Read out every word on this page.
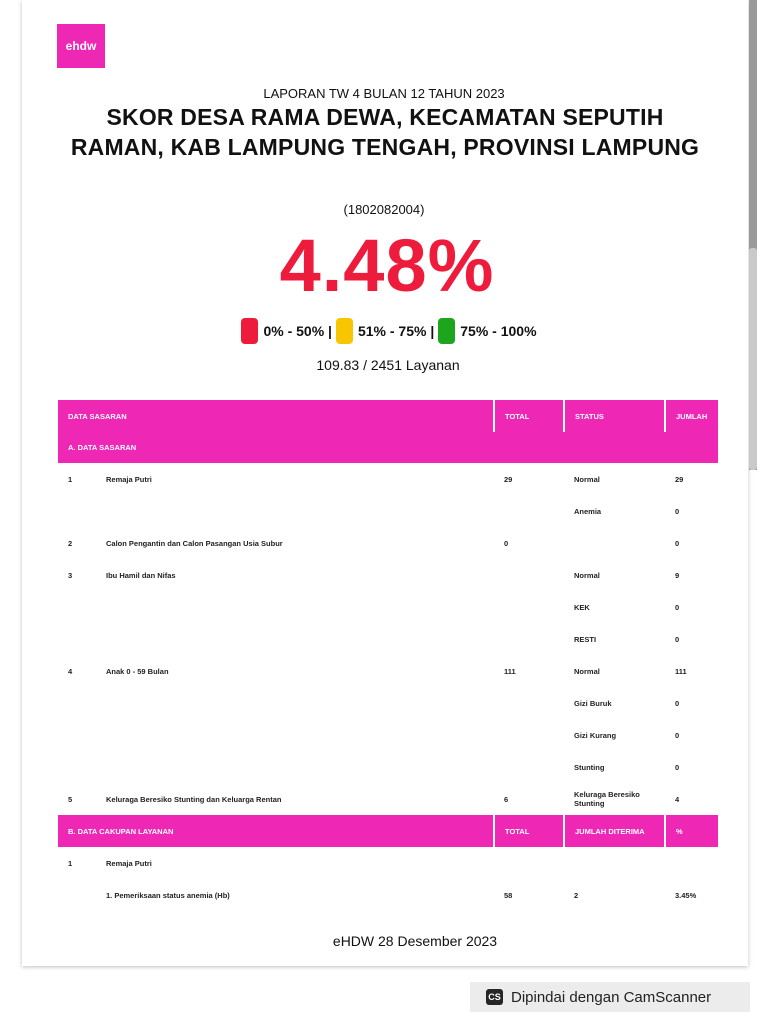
ehdw
LAPORAN TW 4 BULAN 12 TAHUN 2023
SKOR DESA RAMA DEWA, KECAMATAN SEPUTIH RAMAN, KAB LAMPUNG TENGAH, PROVINSI LAMPUNG
(1802082004)
4.48%
0% - 50% | 51% - 75% | 75% - 100%
109.83 / 2451 Layanan
DATA SASARAN		TOTAL	STATUS	JUMLAH
A. DATA SASARAN				
1	Remaja Putri	29	Normal	29
			Anemia	0
2	Calon Pengantin dan Calon Pasangan Usia Subur	0		0
3	Ibu Hamil dan Nifas		Normal	9
			KEK	0
			RESTI	0
4	Anak 0 - 59 Bulan	111	Normal	111
			Gizi Buruk	0
			Gizi Kurang	0
			Stunting	0
5	Keluraga Beresiko Stunting dan Keluarga Rentan	6	Keluraga Beresiko Stunting	4
B. DATA CAKUPAN LAYANAN		TOTAL	JUMLAH DITERIMA	%
1	Remaja Putri			
	1. Pemeriksaan status anemia (Hb)	58	2	3.45%
eHDW 28 Desember 2023
CS Dipindai dengan CamScanner
